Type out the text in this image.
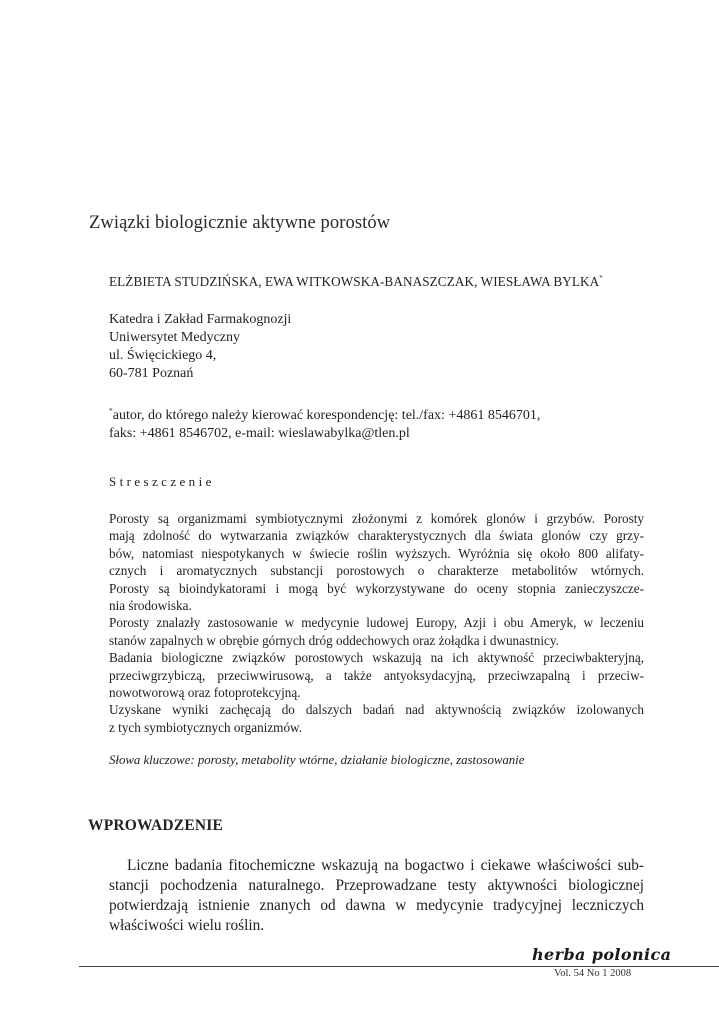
Związki biologicznie aktywne porostów
ELŻBIETA STUDZIŃSKA, EWA WITKOWSKA-BANASZCZAK, WIESŁAWA BYLKA*
Katedra i Zakład Farmakognozji
Uniwersytet Medyczny
ul. Święcickiego 4,
60-781 Poznań
*autor, do którego należy kierować korespondencję: tel./fax: +4861 8546701,
faks: +4861 8546702, e-mail: wieslawabylka@tlen.pl
Streszczenie
Porosty są organizmami symbiotycznymi złożonymi z komórek glonów i grzybów. Porosty
mają zdolność do wytwarzania związków charakterystycznych dla świata glonów czy grzy-
bów, natomiast niespotykanych w świecie roślin wyższych. Wyróżnia się około 800 alifaty-
cznych i aromatycznych substancji porostowych o charakterze metabolitów wtórnych.
Porosty są bioindykatorami i mogą być wykorzystywane do oceny stopnia zanieczyszcze-
nia środowiska.
Porosty znalazły zastosowanie w medycynie ludowej Europy, Azji i obu Ameryk, w leczeniu
stanów zapalnych w obrębie górnych dróg oddechowych oraz żołądka i dwunastnicy.
Badania biologiczne związków porostowych wskazują na ich aktywność przeciwbakteryjną,
przeciwgrzybiczą, przeciwwirusową, a także antyoksydacyjną, przeciwzapalną i przeciw-
nowotworową oraz fotoprotekcyjną.
Uzyskane wyniki zachęcają do dalszych badań nad aktywnością związków izolowanych
z tych symbiotycznych organizmów.
Słowa kluczowe: porosty, metabolity wtórne, działanie biologiczne, zastosowanie
WPROWADZENIE
Liczne badania fitochemiczne wskazują na bogactwo i ciekawe właściwości sub-
stancji pochodzenia naturalnego. Przeprowadzane testy aktywności biologicznej
potwierdzają istnienie znanych od dawna w medycynie tradycyjnej leczniczych
właściwości wielu roślin.
herba polonica
Vol. 54 No 1 2008
